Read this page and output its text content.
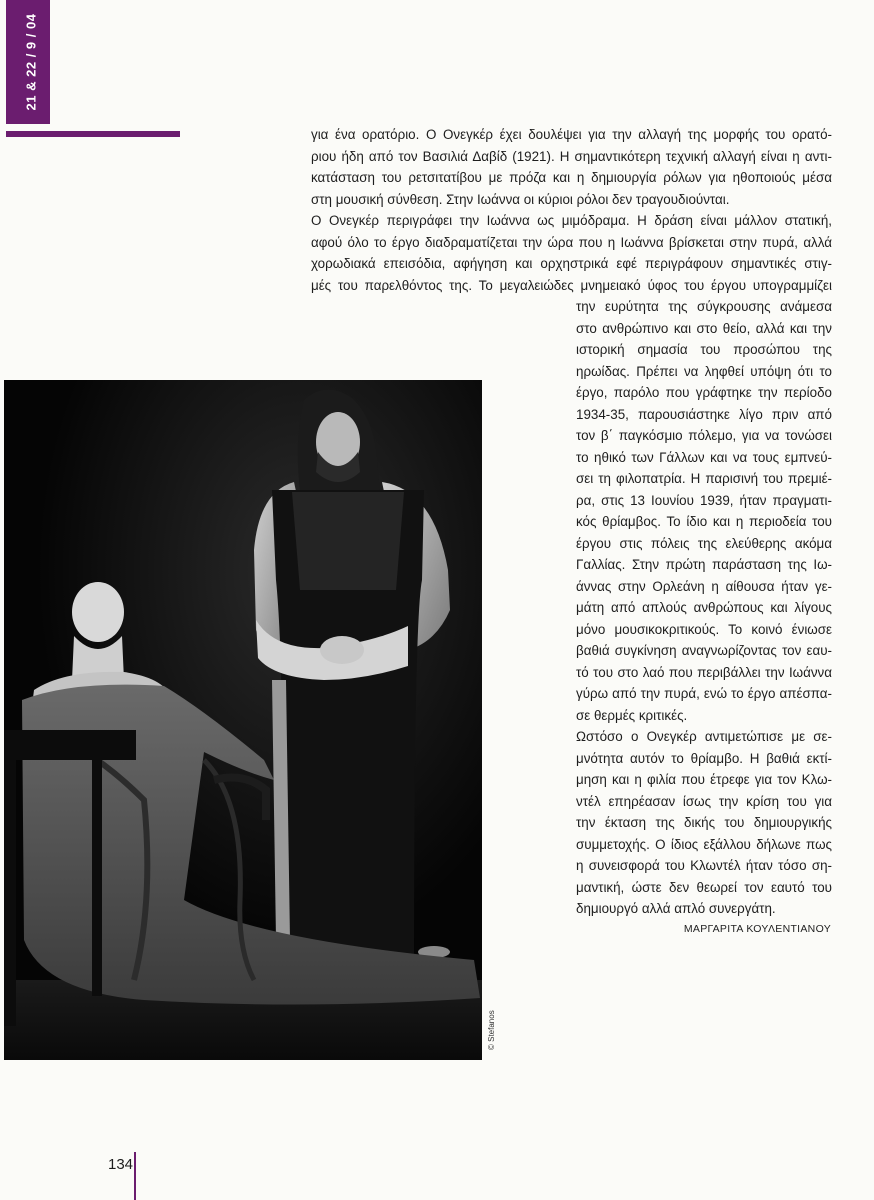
21 & 22 / 9 / 04
για ένα ορατόριο. Ο Ονεγκέρ έχει δουλέψει για την αλλαγή της μορφής του ορατό-
ριου ήδη από τον Βασιλιά Δαβίδ (1921). Η σημαντικότερη τεχνική αλλαγή είναι η αντι-
κατάσταση του ρετσιτατίβου με πρόζα και η δημιουργία ρόλων για ηθοποιούς μέσα
στη μουσική σύνθεση. Στην Ιωάννα οι κύριοι ρόλοι δεν τραγουδιούνται.
Ο Ονεγκέρ περιγράφει την Ιωάννα ως μιμόδραμα. Η δράση είναι μάλλον στατική,
αφού όλο το έργο διαδραματίζεται την ώρα που η Ιωάννα βρίσκεται στην πυρά, αλλά
χορωδιακά επεισόδια, αφήγηση και ορχηστρικά εφέ περιγράφουν σημαντικές στιγ-
μές του παρελθόντος της. Το μεγαλειώδες μνημειακό ύφος του έργου υπογραμμίζει
την ευρύτητα της σύγκρουσης ανάμεσα
στο ανθρώπινο και στο θείο, αλλά και την
ιστορική σημασία του προσώπου της
ηρωίδας. Πρέπει να ληφθεί υπόψη ότι το
έργο, παρόλο που γράφτηκε την περίοδο
1934-35, παρουσιάστηκε λίγο πριν από
τον β΄ παγκόσμιο πόλεμο, για να τονώσει
το ηθικό των Γάλλων και να τους εμπνεύ-
σει τη φιλοπατρία. Η παρισινή του πρεμιέ-
ρα, στις 13 Ιουνίου 1939, ήταν πραγματι-
κός θρίαμβος. Το ίδιο και η περιοδεία του
έργου στις πόλεις της ελεύθερης ακόμα
Γαλλίας. Στην πρώτη παράσταση της Ιω-
άννας στην Ορλεάνη η αίθουσα ήταν γε-
μάτη από απλούς ανθρώπους και λίγους
μόνο μουσικοκριτικούς. Το κοινό ένιωσε
βαθιά συγκίνηση αναγνωρίζοντας τον εαυ-
τό του στο λαό που περιβάλλει την Ιωάννα
γύρω από την πυρά, ενώ το έργο απέσπα-
σε θερμές κριτικές.
Ωστόσο ο Ονεγκέρ αντιμετώπισε με σε-
μνότητα αυτόν το θρίαμβο. Η βαθιά εκτί-
μηση και η φιλία που έτρεφε για τον Κλω-
ντέλ επηρέασαν ίσως την κρίση του για
την έκταση της δικής του δημιουργικής
συμμετοχής. Ο ίδιος εξάλλου δήλωνε πως
η συνεισφορά του Κλωντέλ ήταν τόσο ση-
μαντική, ώστε δεν θεωρεί τον εαυτό του
δημιουργό αλλά απλό συνεργάτη.
ΜΑΡΓΑΡΙΤΑ ΚΟΥΛΕΝΤΙΑΝΟΥ
© Stefanos
134
